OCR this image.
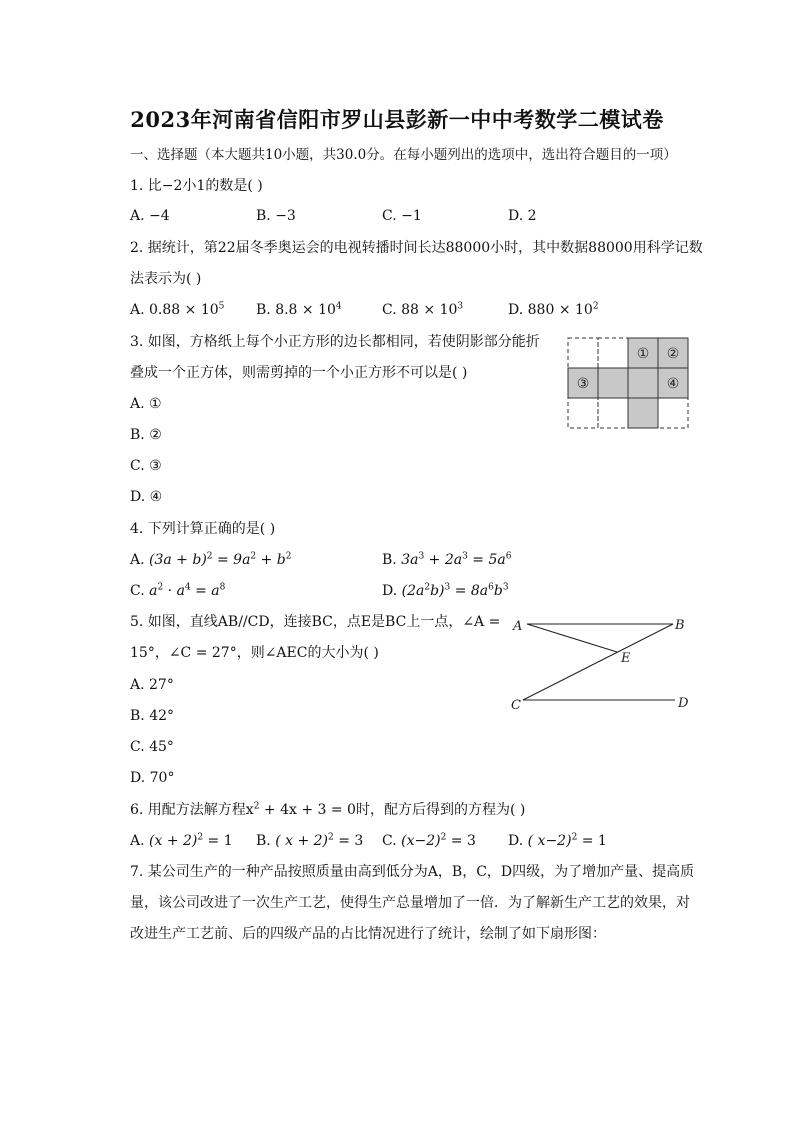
2023年河南省信阳市罗山县彭新一中中考数学二模试卷
一、选择题（本大题共10小题，共30.0分。在每小题列出的选项中，选出符合题目的一项）
1. 比−2小1的数是( )
A. −4	B. −3	C. −1	D. 2
2. 据统计，第22届冬季奥运会的电视转播时间长达88000小时，其中数据88000用科学记数
法表示为( )
A. $0.88 \times 10^5$ B. $8.8 \times 10^4$	C. $88 \times 10^3$	D. $880 \times 10^2$
3. 如图，方格纸上每个小正方形的边长都相同，若使阴影部分能折
叠成一个正方体，则需剪掉的一个小正方形不可以是( )
A. ①
B. ②
C. ③
D. ④
① ②
③	④
4. 下列计算正确的是( )
A. $(3a + b)^2 = 9a^2 + b^2$	B. $3a^3 + 2a^3 = 5a^6$
C. $a^2 \cdot a^4 = a^8$	D. $(2a^2b)^3 = 8a^6b^3$
5. 如图，直线AB//CD，连接BC，点E是BC上一点，∠A =
15°，∠C = 27°，则∠AEC的大小为( )
A. 27°
B. 42°
C. 45°
D. 70°
A	B
C	D
E
6. 用配方法解方程$x^2 + 4x + 3 = 0$时，配方后得到的方程为( )
A. $(x + 2)^2 = 1$ B. ( x + 2)$^2$ = 3 C. $(x-2)^2 = 3$ D. ( x−2)$^2$ = 1
7. 某公司生产的一种产品按照质量由高到低分为A，B，C，D四级，为了增加产量、提高质
量，该公司改进了一次生产工艺，使得生产总量增加了一倍．为了解新生产工艺的效果，对
改进生产工艺前、后的四级产品的占比情况进行了统计，绘制了如下扇形图：
